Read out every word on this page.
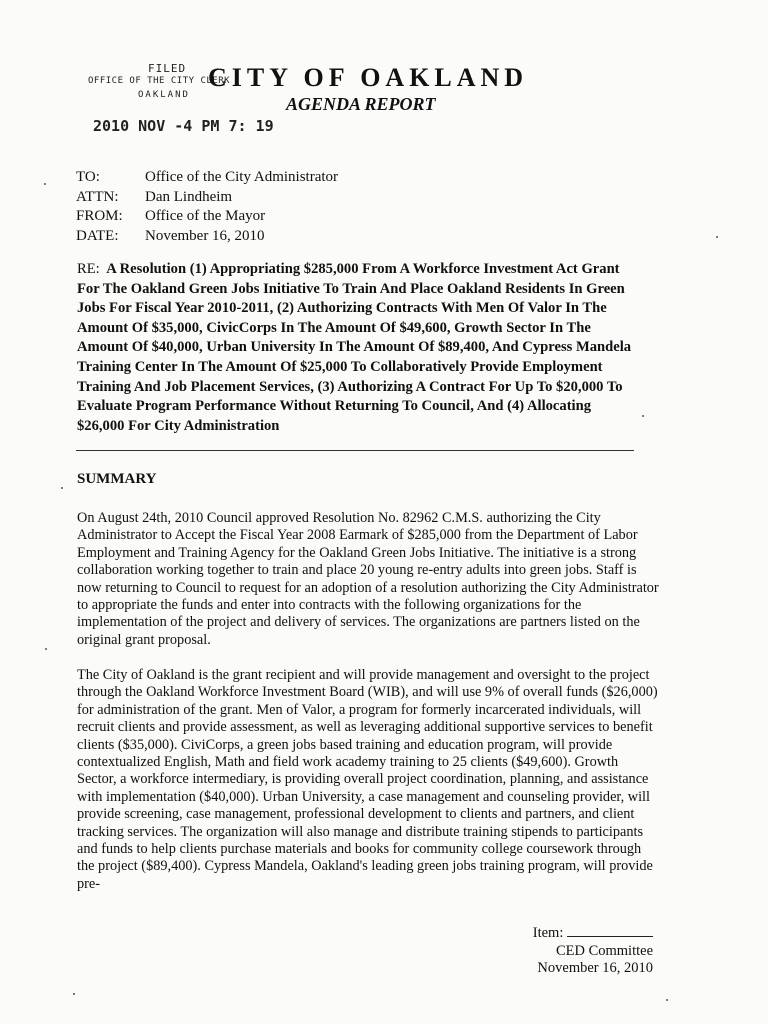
FILED
OFFICE OF THE CITY CLERK
OAKLAND
2010 NOV -4 PM 7: 19
CITY OF OAKLAND
AGENDA REPORT
TO:	Office of the City Administrator
ATTN:	Dan Lindheim
FROM:	Office of the Mayor
DATE:	November 16, 2010
RE: A Resolution (1) Appropriating $285,000 From A Workforce Investment Act Grant For The Oakland Green Jobs Initiative To Train And Place Oakland Residents In Green Jobs For Fiscal Year 2010-2011, (2) Authorizing Contracts With Men Of Valor In The Amount Of $35,000, CivicCorps In The Amount Of $49,600, Growth Sector In The Amount Of $40,000, Urban University In The Amount Of $89,400, And Cypress Mandela Training Center In The Amount Of $25,000 To Collaboratively Provide Employment Training And Job Placement Services, (3) Authorizing A Contract For Up To $20,000 To Evaluate Program Performance Without Returning To Council, And (4) Allocating $26,000 For City Administration
SUMMARY
On August 24th, 2010 Council approved Resolution No. 82962 C.M.S. authorizing the City Administrator to Accept the Fiscal Year 2008 Earmark of $285,000 from the Department of Labor Employment and Training Agency for the Oakland Green Jobs Initiative. The initiative is a strong collaboration working together to train and place 20 young re-entry adults into green jobs. Staff is now returning to Council to request for an adoption of a resolution authorizing the City Administrator to appropriate the funds and enter into contracts with the following organizations for the implementation of the project and delivery of services. The organizations are partners listed on the original grant proposal.
The City of Oakland is the grant recipient and will provide management and oversight to the project through the Oakland Workforce Investment Board (WIB), and will use 9% of overall funds ($26,000) for administration of the grant. Men of Valor, a program for formerly incarcerated individuals, will recruit clients and provide assessment, as well as leveraging additional supportive services to benefit clients ($35,000). CiviCorps, a green jobs based training and education program, will provide contextualized English, Math and field work academy training to 25 clients ($49,600). Growth Sector, a workforce intermediary, is providing overall project coordination, planning, and assistance with implementation ($40,000). Urban University, a case management and counseling provider, will provide screening, case management, professional development to clients and partners, and client tracking services. The organization will also manage and distribute training stipends to participants and funds to help clients purchase materials and books for community college coursework through the project ($89,400). Cypress Mandela, Oakland's leading green jobs training program, will provide pre-
Item:
CED Committee
November 16, 2010
